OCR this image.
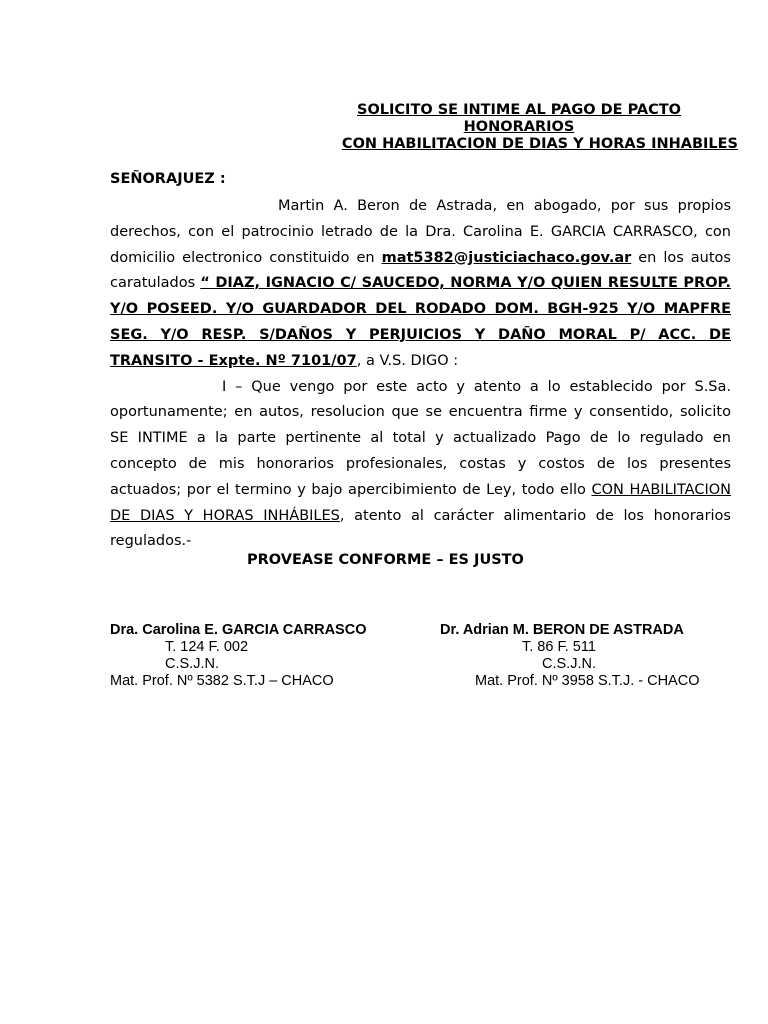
SOLICITO SE INTIME AL PAGO DE PACTO
HONORARIOS

CON HABILITACION DE DIAS Y HORAS INHABILES
SEÑORAJUEZ :

Martin A. Beron de Astrada, en abogado, por sus propios derechos, con el patrocinio letrado de la Dra. Carolina E. GARCIA CARRASCO, con domicilio electronico constituido en mat5382@justiciachaco.gov.ar en los autos caratulados “ DIAZ, IGNACIO C/ SAUCEDO, NORMA Y/O QUIEN RESULTE PROP. Y/O POSEED. Y/O GUARDADOR DEL RODADO DOM. BGH-925 Y/O MAPFRE SEG. Y/O RESP. S/DAÑOS Y PERJUICIOS Y DAÑO MORAL P/ ACC. DE TRANSITO - Expte. Nº 7101/07, a V.S. DIGO :

I – Que vengo por este acto y atento a lo establecido por S.Sa. oportunamente; en autos, resolucion que se encuentra firme y consentido, solicito SE INTIME a la parte pertinente al total y actualizado Pago de lo regulado en concepto de mis honorarios profesionales, costas y costos de los presentes actuados; por el termino y bajo apercibimiento de Ley, todo ello CON HABILITACION DE DIAS Y HORAS INHÁBILES, atento al carácter alimentario de los honorarios regulados.-

PROVEASE CONFORME – ES JUSTO
Dra. Carolina E. GARCIA CARRASCO
T. 124 F. 002
C.S.J.N.
Mat. Prof. Nº 5382 S.T.J – CHACO
Dr. Adrian M. BERON DE ASTRADA
T. 86 F. 511
C.S.J.N.
Mat. Prof. Nº 3958 S.T.J. - CHACO
